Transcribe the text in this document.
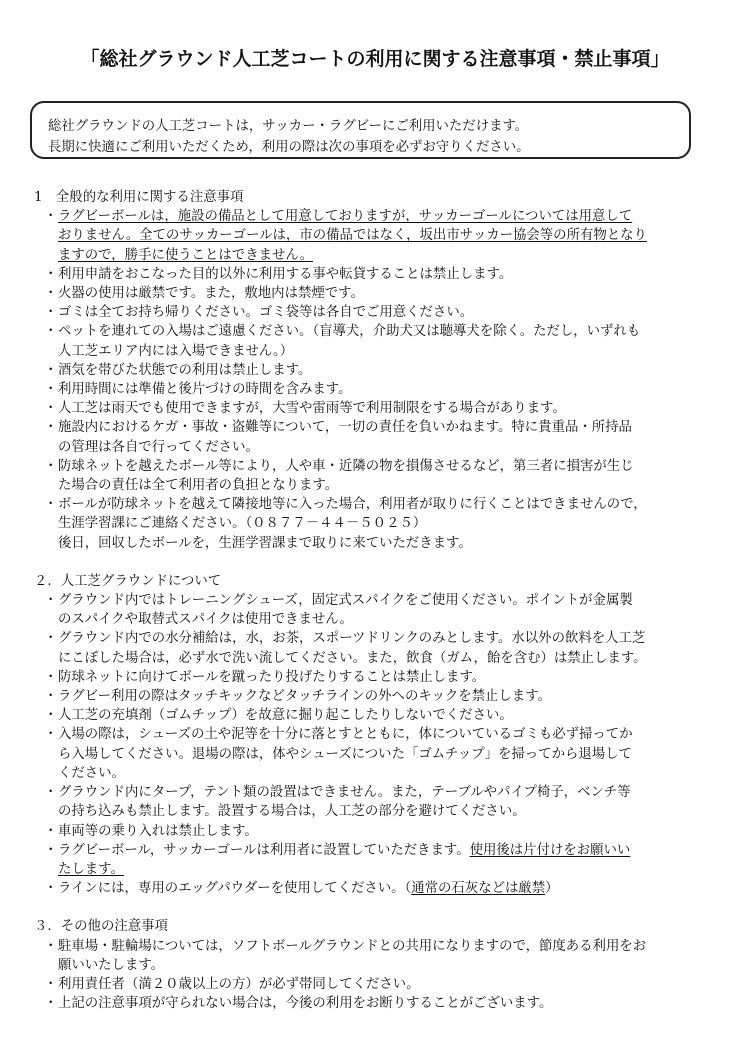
「総社グラウンド人工芝コートの利用に関する注意事項・禁止事項」
総社グラウンドの人工芝コートは，サッカー・ラグビーにご利用いただけます。
長期に快適にご利用いただくため，利用の際は次の事項を必ずお守りください。
1　全般的な利用に関する注意事項
・ ラグビーボールは，施設の備品として用意しておりますが，サッカーゴールについては用意して
おりません。全てのサッカーゴールは，市の備品ではなく，坂出市サッカー協会等の所有物となり
ますので，勝手に使うことはできません。
・ 利用申請をおこなった目的以外に利用する事や転貸することは禁止します。
・ 火器の使用は厳禁です。また，敷地内は禁煙です。
・ ゴミは全てお持ち帰りください。ゴミ袋等は各自でご用意ください。
・ ペットを連れての入場はご遠慮ください。（盲導犬，介助犬又は聴導犬を除く。ただし，いずれも
人工芝エリア内には入場できません。）
・ 酒気を帯びた状態での利用は禁止します。
・ 利用時間には準備と後片づけの時間を含みます。
・ 人工芝は雨天でも使用できますが，大雪や雷雨等で利用制限をする場合があります。
・ 施設内におけるケガ・事故・盗難等について，一切の責任を負いかねます。特に貴重品・所持品
の管理は各自で行ってください。
・ 防球ネットを越えたボール等により，人や車・近隣の物を損傷させるなど，第三者に損害が生じ
た場合の責任は全て利用者の負担となります。
・ ボールが防球ネットを越えて隣接地等に入った場合，利用者が取りに行くことはできませんので，
生涯学習課にご連絡ください。（０８７７－４４－５０２５）
後日，回収したボールを，生涯学習課まで取りに来ていただきます。
２．人工芝グラウンドについて
・ グラウンド内ではトレーニングシューズ，固定式スパイクをご使用ください。ポイントが金属製
のスパイクや取替式スパイクは使用できません。
・ グラウンド内での水分補給は，水，お茶，スポーツドリンクのみとします。水以外の飲料を人工芝
にこぼした場合は，必ず水で洗い流してください。また，飲食（ガム，飴を含む）は禁止します。
・ 防球ネットに向けてボールを蹴ったり投げたりすることは禁止します。
・ ラグビー利用の際はタッチキックなどタッチラインの外へのキックを禁止します。
・ 人工芝の充填剤（ゴムチップ）を故意に掘り起こしたりしないでください。
・ 入場の際は，シューズの土や泥等を十分に落とすとともに，体についているゴミも必ず掃ってか
ら入場してください。退場の際は，体やシューズについた「ゴムチップ」を掃ってから退場して
ください。
・ グラウンド内にタープ，テント類の設置はできません。また，テーブルやパイプ椅子，ベンチ等
の持ち込みも禁止します。設置する場合は，人工芝の部分を避けてください。
・ 車両等の乗り入れは禁止します。
・ ラグビーボール，サッカーゴールは利用者に設置していただきます。使用後は片付けをお願いい
たします。
・ ラインには，専用のエッグパウダーを使用してください。（通常の石灰などは厳禁）
３．その他の注意事項
・ 駐車場・駐輪場については，ソフトボールグラウンドとの共用になりますので，節度ある利用をお
願いいたします。
・ 利用責任者（満２０歳以上の方）が必ず帯同してください。
・ 上記の注意事項が守られない場合は，今後の利用をお断りすることがございます。
